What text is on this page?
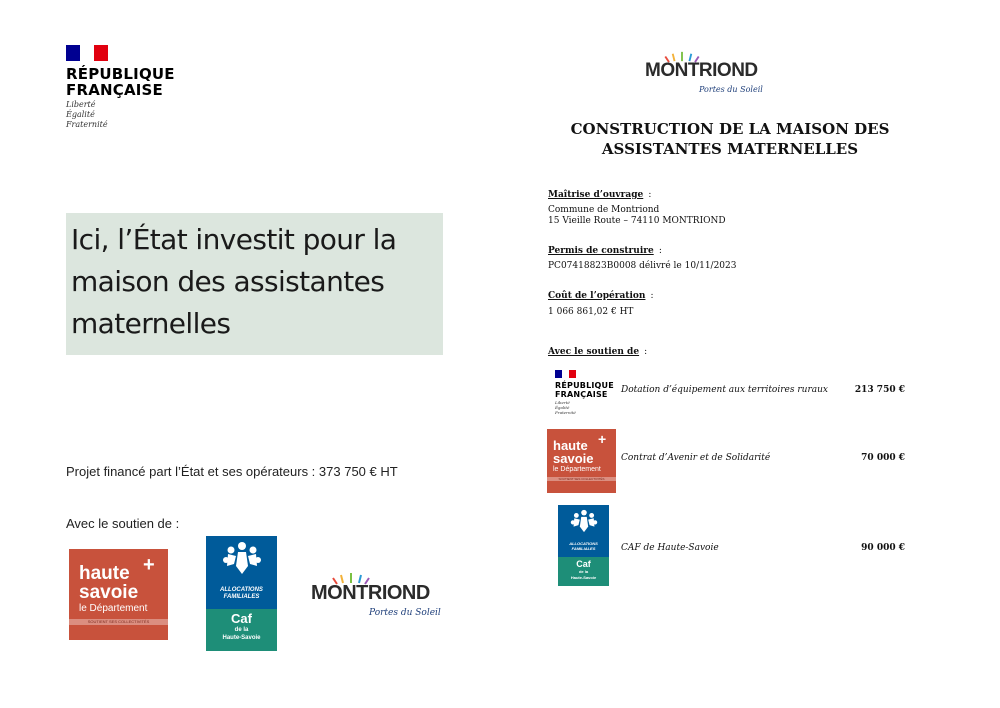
RÉPUBLIQUE
FRANÇAISE
Liberté
Égalité
Fraternité
Ici, l’État investit pour la
maison des assistantes
maternelles
Projet financé part l’État et ses opérateurs : 373 750 € HT
Avec le soutien de :
haute +
savoie
le Département
SOUTIENT SES COLLECTIVITÉS
ALLOCATIONS
FAMILIALES
Caf
de la
Haute-Savoie
MONTRIOND
Portes du Soleil
MONTRIOND
Portes du Soleil
CONSTRUCTION DE LA MAISON DES
ASSISTANTES MATERNELLES
Maîtrise d’ouvrage :
Commune de Montriond
15 Vieille Route – 74110 MONTRIOND
Permis de construire :
PC07418823B0008 délivré le 10/11/2023
Coût de l’opération :
1 066 861,02 € HT
Avec le soutien de :
RÉPUBLIQUE
FRANÇAISE
Liberté
Égalité
Fraternité
Dotation d’équipement aux territoires ruraux	213 750 €
haute +
savoie
le Département
SOUTIENT SES COLLECTIVITÉS
Contrat d’Avenir et de Solidarité	70 000 €
ALLOCATIONS
FAMILIALES
Caf
de la
Haute-Savoie
CAF de Haute-Savoie	90 000 €
